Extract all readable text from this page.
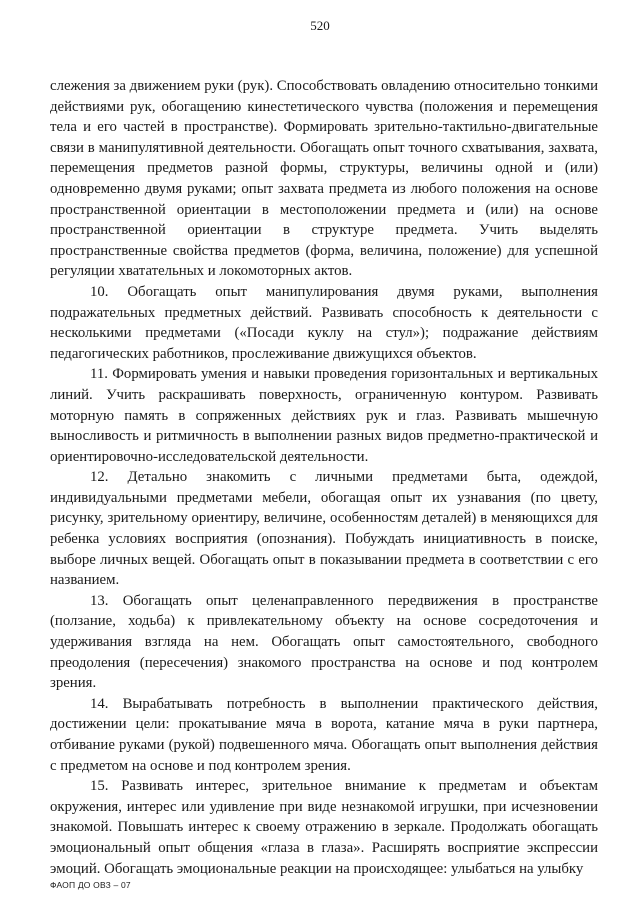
520

слежения за движением руки (рук). Способствовать овладению относительно тонкими действиями рук, обогащению кинестетического чувства (положения и перемещения тела и его частей в пространстве). Формировать зрительно-тактильно-двигательные связи в манипулятивной деятельности. Обогащать опыт точного схватывания, захвата, перемещения предметов разной формы, структуры, величины одной и (или) одновременно двумя руками; опыт захвата предмета из любого положения на основе пространственной ориентации в местоположении предмета и (или) на основе пространственной ориентации в структуре предмета. Учить выделять пространственные свойства предметов (форма, величина, положение) для успешной регуляции хватательных и локомоторных актов.

10. Обогащать опыт манипулирования двумя руками, выполнения подражательных предметных действий. Развивать способность к деятельности с несколькими предметами («Посади куклу на стул»); подражание действиям педагогических работников, прослеживание движущихся объектов.

11. Формировать умения и навыки проведения горизонтальных и вертикальных линий. Учить раскрашивать поверхность, ограниченную контуром. Развивать моторную память в сопряженных действиях рук и глаз. Развивать мышечную выносливость и ритмичность в выполнении разных видов предметно-практической и ориентировочно-исследовательской деятельности.

12. Детально знакомить с личными предметами быта, одеждой, индивидуальными предметами мебели, обогащая опыт их узнавания (по цвету, рисунку, зрительному ориентиру, величине, особенностям деталей) в меняющихся для ребенка условиях восприятия (опознания). Побуждать инициативность в поиске, выборе личных вещей. Обогащать опыт в показывании предмета в соответствии с его названием.

13. Обогащать опыт целенаправленного передвижения в пространстве (ползание, ходьба) к привлекательному объекту на основе сосредоточения и удерживания взгляда на нем. Обогащать опыт самостоятельного, свободного преодоления (пересечения) знакомого пространства на основе и под контролем зрения.

14. Вырабатывать потребность в выполнении практического действия, достижении цели: прокатывание мяча в ворота, катание мяча в руки партнера, отбивание руками (рукой) подвешенного мяча. Обогащать опыт выполнения действия с предметом на основе и под контролем зрения.

15. Развивать интерес, зрительное внимание к предметам и объектам окружения, интерес или удивление при виде незнакомой игрушки, при исчезновении знакомой. Повышать интерес к своему отражению в зеркале. Продолжать обогащать эмоциональный опыт общения «глаза в глаза». Расширять восприятие экспрессии эмоций. Обогащать эмоциональные реакции на происходящее: улыбаться на улыбку

ФАОП ДО ОВЗ – 07
